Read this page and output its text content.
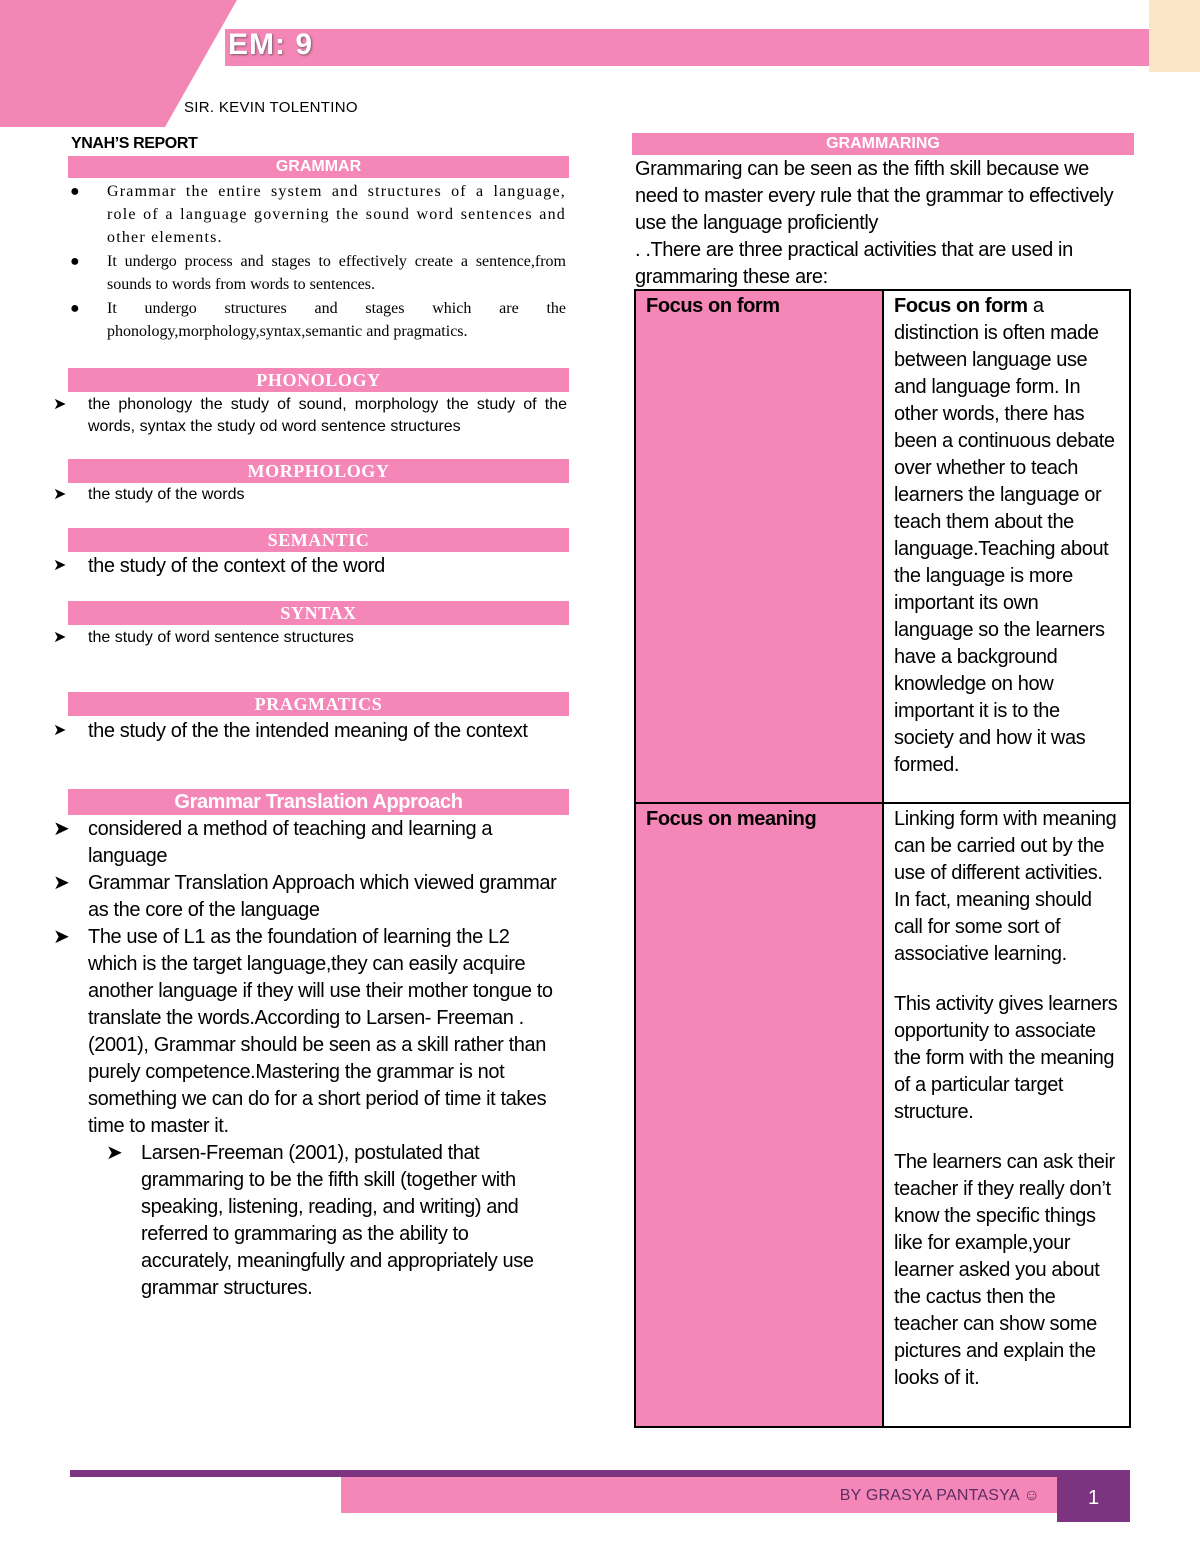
EM: 9
SIR. KEVIN TOLENTINO
YNAH’S REPORT
GRAMMAR
● Grammar the entire system and structures of a language, role of a language governing the sound word sentences and other elements.
● It undergo process and stages to effectively create a sentence,from sounds to words from words to sentences.
● It undergo structures and stages which are the phonology,morphology,syntax,semantic and pragmatics.
PHONOLOGY
➤	the phonology the study of sound, morphology the study of the words, syntax the study od word sentence structures
MORPHOLOGY
➤	the study of the words
SEMANTIC
➤	the study of the context of the word
SYNTAX
➤	the study of word sentence structures
PRAGMATICS
➤	the study of the the intended meaning of the context
Grammar Translation Approach
➤ considered a method of teaching and learning a language
➤ Grammar Translation Approach which viewed grammar as the core of the language
➤ The use of L1 as the foundation of learning the L2 which is the target language,they can easily acquire another language if they will use their mother tongue to translate the words.According to Larsen- Freeman . (2001), Grammar should be seen as a skill rather than purely competence.Mastering the grammar is not something we can do for a short period of time it takes time to master it.
➤ Larsen-Freeman (2001), postulated that grammaring to be the fifth skill (together with speaking, listening, reading, and writing) and referred to grammaring as the ability to accurately, meaningfully and appropriately use grammar structures.
GRAMMARING

Grammaring can be seen as the fifth skill because we need to master every rule that the grammar to effectively use the language proficiently

. .There are three practical activities that are used in grammaring these are:

Focus on form	Focus on form a distinction is often made between language use and language form. In other words, there has been a continuous debate over whether to teach learners the language or teach them about the language.Teaching about the language is more important its own language so the learners have a background knowledge on how important it is to the society and how it was formed.
Focus on meaning	Linking form with meaning can be carried out by the use of different activities. In fact, meaning should call for some sort of associative learning.

This activity gives learners opportunity to associate the form with the meaning of a particular target structure.

The learners can ask their teacher if they really don’t know the specific things like for example,your learner asked you about the cactus then the teacher can show some pictures and explain the looks of it.

BY GRASYA PANTASYA ☺	1
